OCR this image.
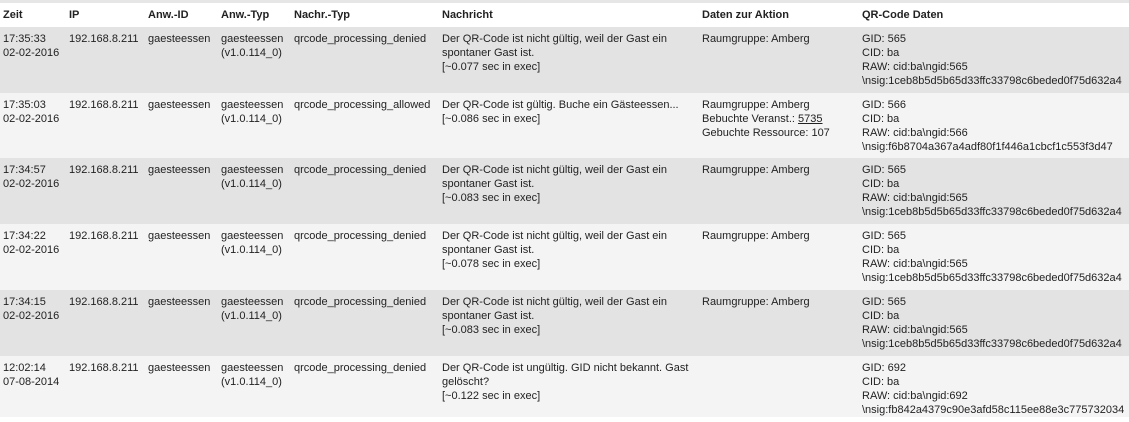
Zeit	IP	Anw.-ID	Anw.-Typ	Nachr.-Typ	Nachricht	Daten zur Aktion	QR-Code Daten

17:35:33
02-02-2016	192.168.8.211	gaesteessen	gaesteessen
(v1.0.114_0)	qrcode_processing_denied	Der QR-Code ist nicht gültig, weil der Gast ein
spontaner Gast ist.
[~0.077 sec in exec]	Raumgruppe: Amberg	GID: 565
CID: ba
RAW: cid:ba\ngid:565
\nsig:1ceb8b5d5b65d33ffc33798c6beded0f75d632a4

17:35:03
02-02-2016	192.168.8.211	gaesteessen	gaesteessen
(v1.0.114_0)	qrcode_processing_allowed	Der QR-Code ist gültig. Buche ein Gästeessen...
[~0.086 sec in exec]	Raumgruppe: Amberg
Bebuchte Veranst.: 5735
Gebuchte Ressource: 107	GID: 566
CID: ba
RAW: cid:ba\ngid:566
\nsig:f6b8704a367a4adf80f1f446a1cbcf1c553f3d47

17:34:57
02-02-2016	192.168.8.211	gaesteessen	gaesteessen
(v1.0.114_0)	qrcode_processing_denied	Der QR-Code ist nicht gültig, weil der Gast ein
spontaner Gast ist.
[~0.083 sec in exec]	Raumgruppe: Amberg	GID: 565
CID: ba
RAW: cid:ba\ngid:565
\nsig:1ceb8b5d5b65d33ffc33798c6beded0f75d632a4

17:34:22
02-02-2016	192.168.8.211	gaesteessen	gaesteessen
(v1.0.114_0)	qrcode_processing_denied	Der QR-Code ist nicht gültig, weil der Gast ein
spontaner Gast ist.
[~0.078 sec in exec]	Raumgruppe: Amberg	GID: 565
CID: ba
RAW: cid:ba\ngid:565
\nsig:1ceb8b5d5b65d33ffc33798c6beded0f75d632a4

17:34:15
02-02-2016	192.168.8.211	gaesteessen	gaesteessen
(v1.0.114_0)	qrcode_processing_denied	Der QR-Code ist nicht gültig, weil der Gast ein
spontaner Gast ist.
[~0.083 sec in exec]	Raumgruppe: Amberg	GID: 565
CID: ba
RAW: cid:ba\ngid:565
\nsig:1ceb8b5d5b65d33ffc33798c6beded0f75d632a4

12:02:14
07-08-2014	192.168.8.211	gaesteessen	gaesteessen
(v1.0.114_0)	qrcode_processing_denied	Der QR-Code ist ungültig. GID nicht bekannt. Gast
gelöscht?
[~0.122 sec in exec]		GID: 692
CID: ba
RAW: cid:ba\ngid:692
\nsig:fb842a4379c90e3afd58c115ee88e3c775732034
